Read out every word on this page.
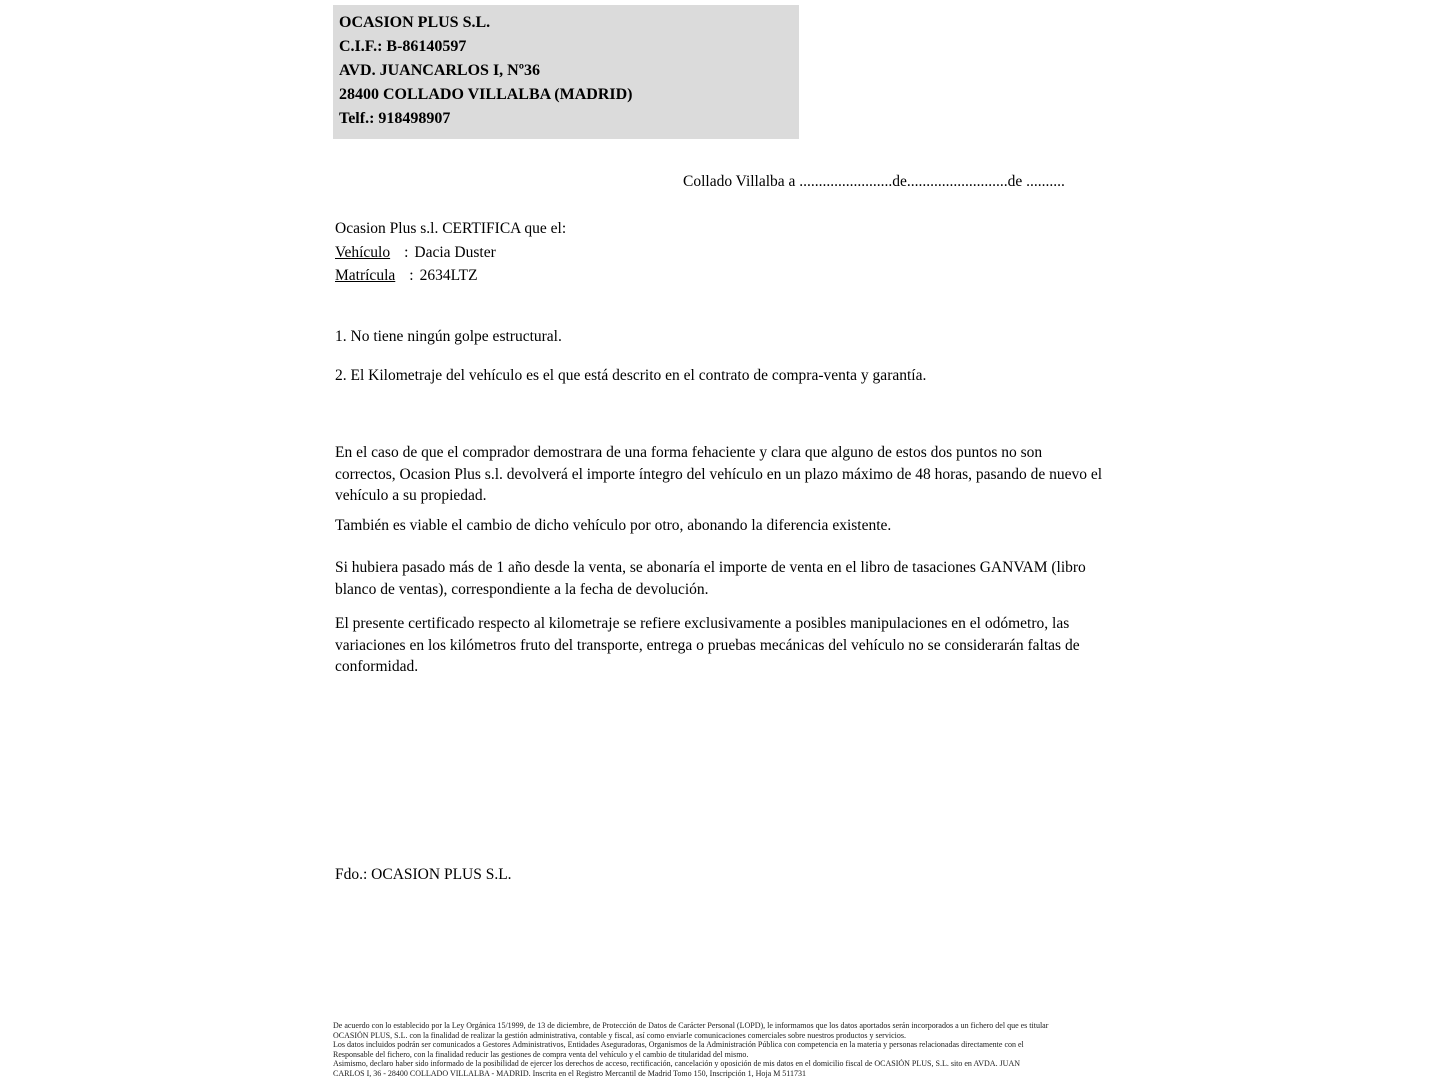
OCASION PLUS S.L.
C.I.F.: B-86140597
AVD. JUANCARLOS I, Nº36
28400 COLLADO VILLALBA (MADRID)
Telf.: 918498907
Collado Villalba a ........................de..........................de ..........
Ocasion Plus s.l. CERTIFICA que el:
Vehículo : Dacia Duster
Matrícula : 2634LTZ
1. No tiene ningún golpe estructural.
2. El Kilometraje del vehículo es el que está descrito en el contrato de compra-venta y garantía.
En el caso de que el comprador demostrara de una forma fehaciente y clara que alguno de estos dos puntos no son correctos, Ocasion Plus s.l. devolverá el importe íntegro del vehículo en un plazo máximo de 48 horas, pasando de nuevo el vehículo a su propiedad.
También es viable el cambio de dicho vehículo por otro, abonando la diferencia existente.
Si hubiera pasado más de 1 año desde la venta, se abonaría el importe de venta en el libro de tasaciones GANVAM (libro blanco de ventas), correspondiente a la fecha de devolución.
El presente certificado respecto al kilometraje se refiere exclusivamente a posibles manipulaciones en el odómetro, las variaciones en los kilómetros fruto del transporte, entrega o pruebas mecánicas del vehículo no se considerarán faltas de conformidad.
Fdo.: OCASION PLUS S.L.
De acuerdo con lo establecido por la Ley Orgánica 15/1999, de 13 de diciembre, de Protección de Datos de Carácter Personal (LOPD), le informamos que los datos aportados serán incorporados a un fichero del que es titular
OCASIÓN PLUS, S.L. con la finalidad de realizar la gestión administrativa, contable y fiscal, así como enviarle comunicaciones comerciales sobre nuestros productos y servicios.
Los datos incluidos podrán ser comunicados a Gestores Administrativos, Entidades Aseguradoras, Organismos de la Administración Pública con competencia en la materia y personas relacionadas directamente con el
Responsable del fichero, con la finalidad reducir las gestiones de compra venta del vehículo y el cambio de titularidad del mismo.
Asimismo, declaro haber sido informado de la posibilidad de ejercer los derechos de acceso, rectificación, cancelación y oposición de mis datos en el domicilio fiscal de OCASIÓN PLUS, S.L. sito en AVDA. JUAN
CARLOS I, 36 - 28400 COLLADO VILLALBA - MADRID. Inscrita en el Registro Mercantil de Madrid Tomo 150, Inscripción 1, Hoja M 511731
